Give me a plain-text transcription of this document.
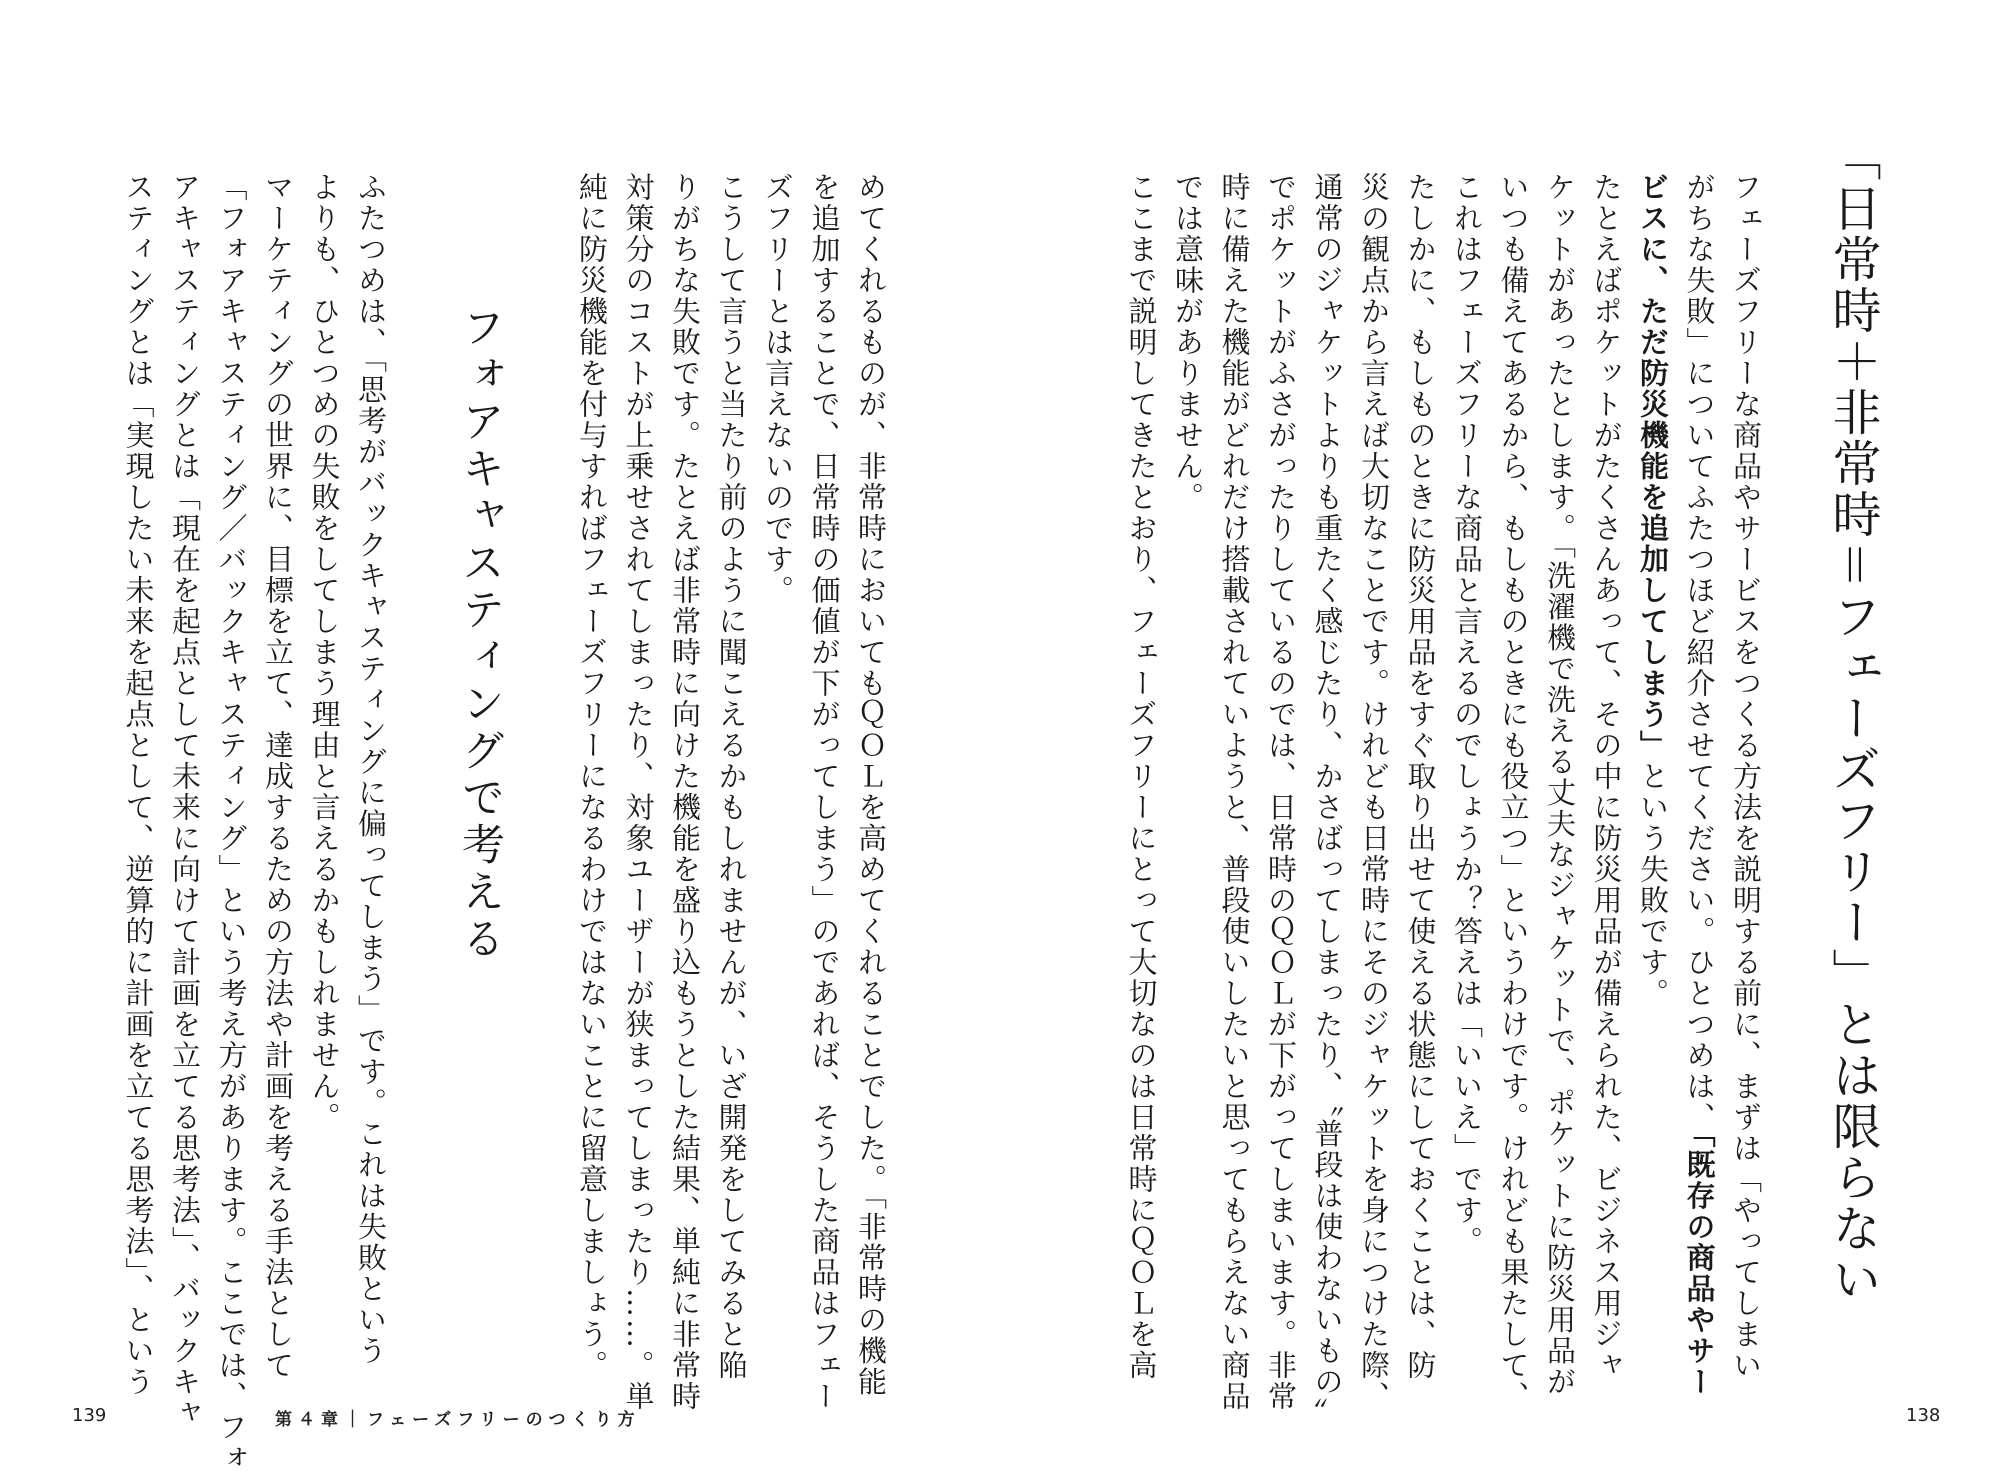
「日常時＋非常時＝フェーズフリー」とは限らない
フェーズフリーな商品やサービスをつくる方法を説明する前に、まずは「やってしまい
がちな失敗」についてふたつほど紹介させてください。ひとつめは、「既存の商品やサー
ビスに、ただ防災機能を追加してしまう」という失敗です。
たとえばポケットがたくさんあって、その中に防災用品が備えられた、ビジネス用ジャ
ケットがあったとします。「洗濯機で洗える丈夫なジャケットで、ポケットに防災用品が
いつも備えてあるから、もしものときにも役立つ」というわけです。けれども果たして、
これはフェーズフリーな商品と言えるのでしょうか？答えは「いいえ」です。
たしかに、もしものときに防災用品をすぐ取り出せて使える状態にしておくことは、防
災の観点から言えば大切なことです。けれども日常時にそのジャケットを身につけた際、
通常のジャケットよりも重たく感じたり、かさばってしまったり、〝普段は使わないもの〟
でポケットがふさがったりしているのでは、日常時のＱＯＬが下がってしまいます。非常
時に備えた機能がどれだけ搭載されていようと、普段使いしたいと思ってもらえない商品
では意味がありません。
ここまで説明してきたとおり、フェーズフリーにとって大切なのは日常時にＱＯＬを高
めてくれるものが、非常時においてもＱＯＬを高めてくれることでした。「非常時の機能
を追加することで、日常時の価値が下がってしまう」のであれば、そうした商品はフェー
ズフリーとは言えないのです。
こうして言うと当たり前のように聞こえるかもしれませんが、いざ開発をしてみると陥
りがちな失敗です。たとえば非常時に向けた機能を盛り込もうとした結果、単純に非常時
対策分のコストが上乗せされてしまったり、対象ユーザーが狭まってしまったり……。単
純に防災機能を付与すればフェーズフリーになるわけではないことに留意しましょう。
フォアキャスティングで考える
ふたつめは、「思考がバックキャスティングに偏ってしまう」です。これは失敗という
よりも、ひとつめの失敗をしてしまう理由と言えるかもしれません。
マーケティングの世界に、目標を立て、達成するための方法や計画を考える手法として
「フォアキャスティング／バックキャスティング」という考え方があります。ここでは、フォ
アキャスティングとは「現在を起点として未来に向けて計画を立てる思考法」、バックキャ
スティングとは「実現したい未来を起点として、逆算的に計画を立てる思考法」、という
139	第４章｜フェーズフリーのつくり方	138
